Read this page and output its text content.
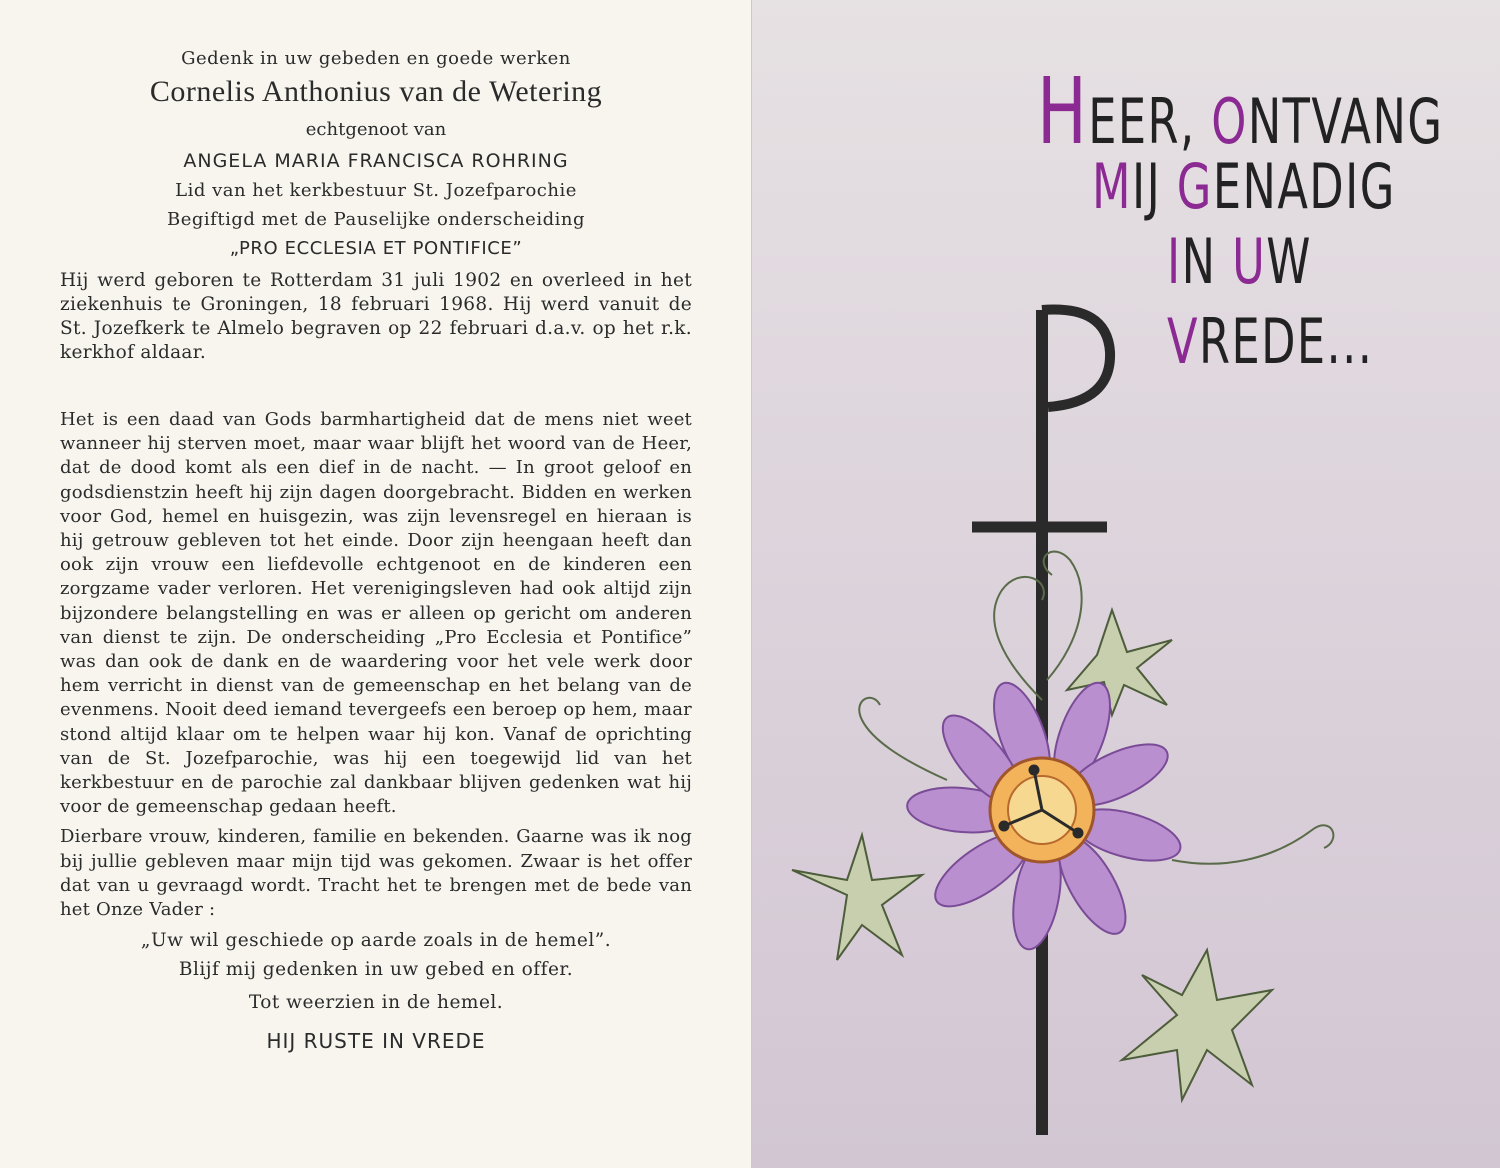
Gedenk in uw gebeden en goede werken

Cornelis Anthonius van de Wetering

echtgenoot van

ANGELA MARIA FRANCISCA ROHRING

Lid van het kerkbestuur St. Jozefparochie

Begiftigd met de Pauselijke onderscheiding

„PRO ECCLESIA ET PONTIFICE”

Hij werd geboren te Rotterdam 31 juli 1902 en overleed in het ziekenhuis te Groningen, 18 februari 1968. Hij werd vanuit de St. Jozefkerk te Almelo begraven op 22 februari d.a.v. op het r.k. kerkhof aldaar.

Het is een daad van Gods barmhartigheid dat de mens niet weet wanneer hij sterven moet, maar waar blijft het woord van de Heer, dat de dood komt als een dief in de nacht. — In groot geloof en godsdienstzin heeft hij zijn dagen doorgebracht. Bidden en werken voor God, hemel en huisgezin, was zijn levensregel en hieraan is hij getrouw gebleven tot het einde. Door zijn heengaan heeft dan ook zijn vrouw een liefdevolle echtgenoot en de kinderen een zorgzame vader verloren. Het verenigingsleven had ook altijd zijn bijzondere belangstelling en was er alleen op gericht om anderen van dienst te zijn. De onderscheiding „Pro Ecclesia et Pontifice” was dan ook de dank en de waardering voor het vele werk door hem verricht in dienst van de gemeenschap en het belang van de evenmens. Nooit deed iemand tevergeefs een beroep op hem, maar stond altijd klaar om te helpen waar hij kon. Vanaf de oprichting van de St. Jozefparochie, was hij een toegewijd lid van het kerkbestuur en de parochie zal dankbaar blijven gedenken wat hij voor de gemeenschap gedaan heeft.

Dierbare vrouw, kinderen, familie en bekenden. Gaarne was ik nog bij jullie gebleven maar mijn tijd was gekomen. Zwaar is het offer dat van u gevraagd wordt. Tracht het te brengen met de bede van het Onze Vader :

„Uw wil geschiede op aarde zoals in de hemel”.

Blijf mij gedenken in uw gebed en offer.

Tot weerzien in de hemel.

HIJ RUSTE IN VREDE

HEER, ONTVANG
MIJ GENADIG
IN UW
VREDE...
